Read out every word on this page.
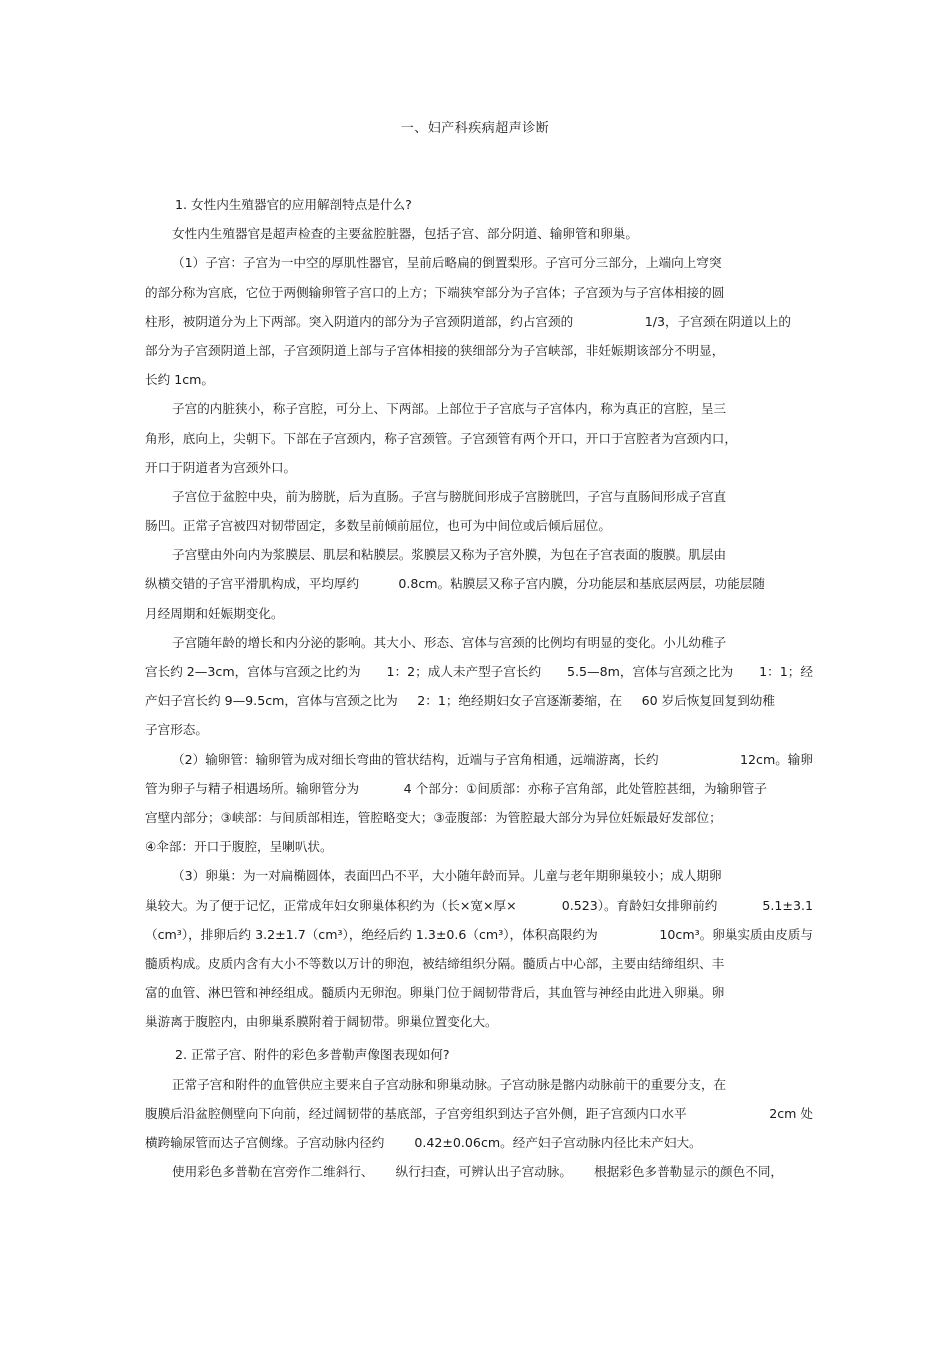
一、妇产科疾病超声诊断
1. 女性内生殖器官的应用解剖特点是什么?
女性内生殖器官是超声检查的主要盆腔脏器，包括子宫、部分阴道、输卵管和卵巢。
（1）子宫：子宫为一中空的厚肌性器官，呈前后略扁的倒置梨形。子宫可分三部分，上端向上穹突
的部分称为宫底，它位于两侧输卵管子宫口的上方；下端狭窄部分为子宫体；子宫颈为与子宫体相接的圆
柱形，被阴道分为上下两部。突入阴道内的部分为子宫颈阴道部，约占宫颈的	1/3，子宫颈在阴道以上的
部分为子宫颈阴道上部，子宫颈阴道上部与子宫体相接的狭细部分为子宫峡部，非妊娠期该部分不明显，
长约 1cm。
子宫的内脏狭小，称子宫腔，可分上、下两部。上部位于子宫底与子宫体内，称为真正的宫腔，呈三
角形，底向上，尖朝下。下部在子宫颈内，称子宫颈管。子宫颈管有两个开口，开口于宫腔者为宫颈内口，
开口于阴道者为宫颈外口。
子宫位于盆腔中央，前为膀胱，后为直肠。子宫与膀胱间形成子宫膀胱凹，子宫与直肠间形成子宫直
肠凹。正常子宫被四对韧带固定，多数呈前倾前屈位，也可为中间位或后倾后屈位。
子宫壁由外向内为浆膜层、肌层和粘膜层。浆膜层又称为子宫外膜，为包在子宫表面的腹膜。肌层由
纵横交错的子宫平滑肌构成，平均厚约	0.8cm。粘膜层又称子宫内膜，分功能层和基底层两层，功能层随
月经周期和妊娠期变化。
子宫随年龄的增长和内分泌的影响。其大小、形态、宫体与宫颈的比例均有明显的变化。小儿幼稚子
宫长约 2—3cm，宫体与宫颈之比约为 1：2；成人未产型子宫长约 5.5—8m，宫体与宫颈之比为 1：1；经
产妇子宫长约 9—9.5cm，宫体与宫颈之比为 2：1；绝经期妇女子宫逐渐萎缩，在 60 岁后恢复回复到幼稚
子宫形态。
（2）输卵管：输卵管为成对细长弯曲的管状结构，近端与子宫角相通，远端游离，长约	12cm。输卵
管为卵子与精子相遇场所。输卵管分为	4 个部分：①间质部：亦称子宫角部，此处管腔甚细，为输卵管子
宫壁内部分；③峡部：与间质部相连，管腔略变大；③壶腹部：为管腔最大部分为异位妊娠最好发部位；
④伞部：开口于腹腔，呈喇叭状。
（3）卵巢：为一对扁椭圆体，表面凹凸不平，大小随年龄而异。儿童与老年期卵巢较小；成人期卵
巢较大。为了便于记忆，正常成年妇女卵巢体积约为（长×宽×厚×	0.523）。育龄妇女排卵前约	5.1±3.1
（cm³），排卵后约 3.2±1.7（cm³），绝经后约 1.3±0.6（cm³），体积高限约为	10cm³。卵巢实质由皮质与
髓质构成。皮质内含有大小不等数以万计的卵泡，被结缔组织分隔。髓质占中心部，主要由结缔组织、丰
富的血管、淋巴管和神经组成。髓质内无卵泡。卵巢门位于阔韧带背后，其血管与神经由此进入卵巢。卵
巢游离于腹腔内，由卵巢系膜附着于阔韧带。卵巢位置变化大。
2. 正常子宫、附件的彩色多普勒声像图表现如何?
正常子宫和附件的血管供应主要来自子宫动脉和卵巢动脉。子宫动脉是髂内动脉前干的重要分支，在
腹膜后沿盆腔侧壁向下向前，经过阔韧带的基底部，子宫旁组织到达子宫外侧，距子宫颈内口水平	2cm 处
横跨输尿管而达子宫侧缘。子宫动脉内径约 0.42±0.06cm。经产妇子宫动脉内径比未产妇大。
使用彩色多普勒在宫旁作二维斜行、 纵行扫查，可辨认出子宫动脉。 根据彩色多普勒显示的颜色不同，
